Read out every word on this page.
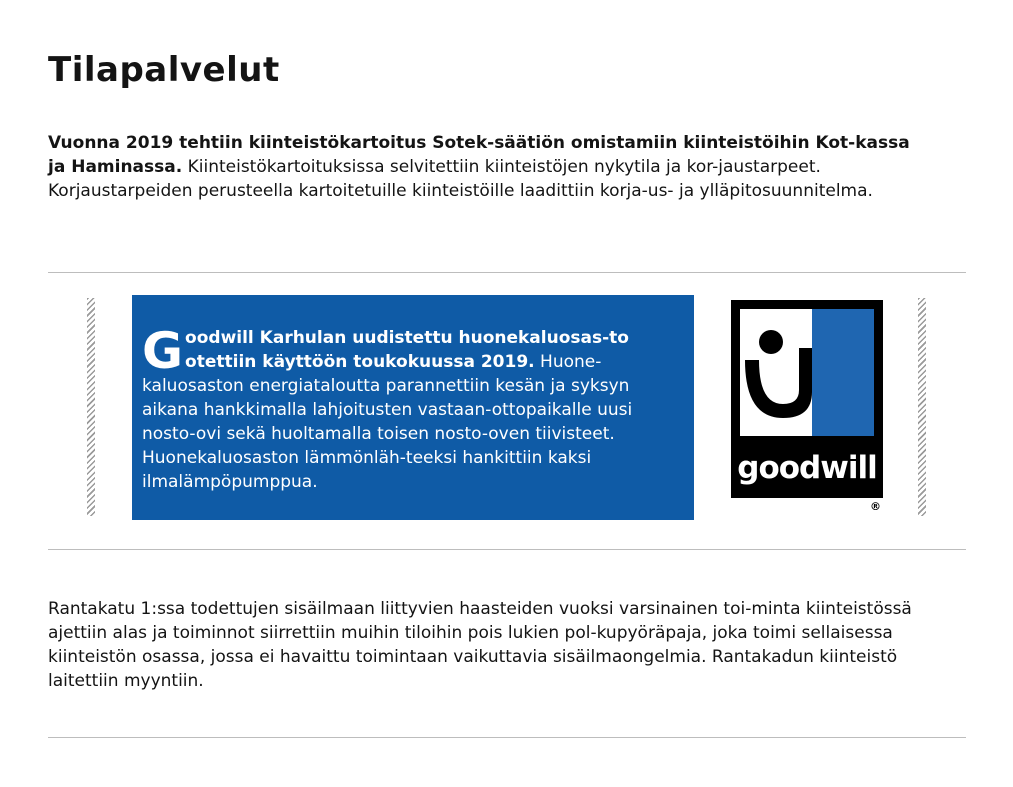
Tilapalvelut

Vuonna 2019 tehtiin kiinteistökartoitus Sotek-säätiön omistamiin kiinteistöihin Kot-kassa ja Haminassa. Kiinteistökartoituksissa selvitettiin kiinteistöjen nykytila ja kor-jaustarpeet. Korjaustarpeiden perusteella kartoitetuille kiinteistöille laadittiin korja-us- ja ylläpitosuunnitelma.

Goodwill Karhulan uudistettu huonekaluosas-to otettiin käyttöön toukokuussa 2019. Huone-kaluosaston energiataloutta parannettiin kesän ja syksyn aikana hankkimalla lahjoitusten vastaan-ottopaikalle uusi nosto-ovi sekä huoltamalla toisen nosto-oven tiivisteet. Huonekaluosaston lämmönläh-teeksi hankittiin kaksi ilmalämpöpumppua.	goodwill
®

Rantakatu 1:ssa todettujen sisäilmaan liittyvien haasteiden vuoksi varsinainen toi-minta kiinteistössä ajettiin alas ja toiminnot siirrettiin muihin tiloihin pois lukien pol-kupyöräpaja, joka toimi sellaisessa kiinteistön osassa, jossa ei havaittu toimintaan vaikuttavia sisäilmaongelmia. Rantakadun kiinteistö laitettiin myyntiin.
